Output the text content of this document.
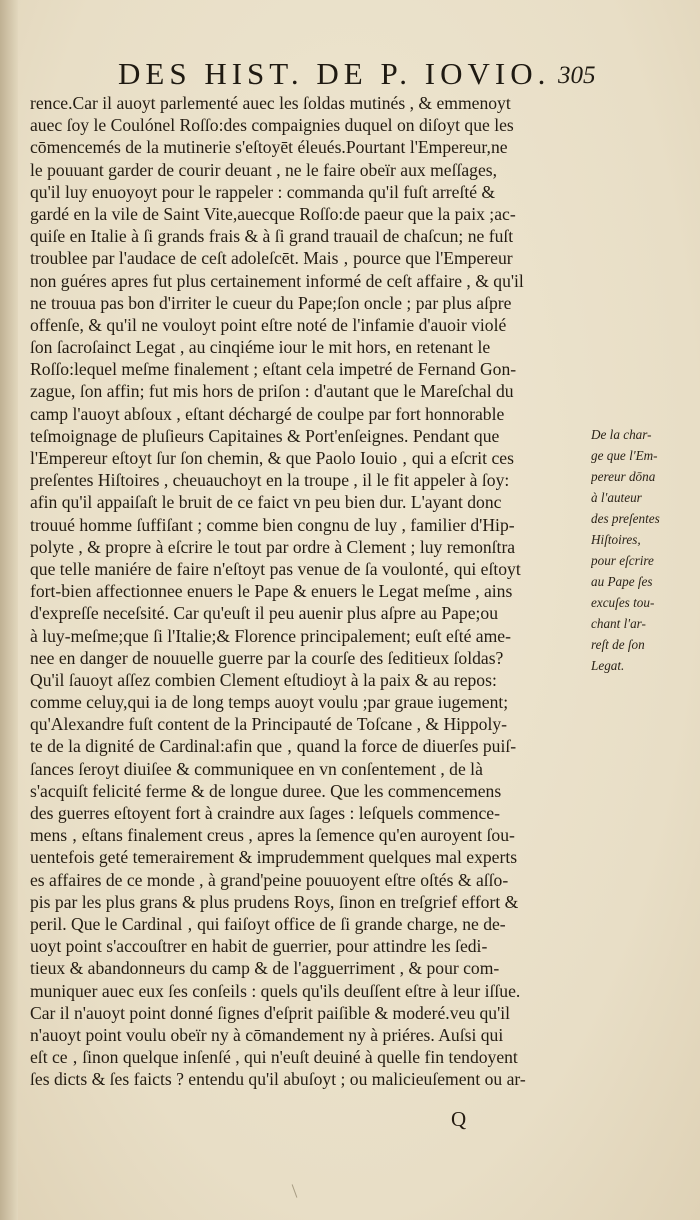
DES HIST. DE P. IOVIO. 305
rence.Car il auoyt parlementé auec les ſoldas mutinés , & emmenoyt
auec ſoy le Coulónel Roſſo:des compaignies duquel on diſoyt que les
cōmencemés de la mutinerie s'eſtoyēt éleués.Pourtant l'Empereur,ne
le pouuant garder de courir deuant , ne le faire obeïr aux meſſages,
qu'il luy enuoyoyt pour le rappeler : commanda qu'il fuſt arreſté &
gardé en la vile de Saint Vite,auecque Roſſo:de paeur que la paix ;ac-
quiſe en Italie à ſi grands frais & à ſi grand trauail de chaſcun; ne fuſt
troublee par l'audace de ceſt adoleſcēt. Mais ‚ pource que l'Empereur
non guéres apres fut plus certainement informé de ceſt affaire , & qu'il
ne trouua pas bon d'irriter le cueur du Pape;ſon oncle ; par plus aſpre
offenſe, & qu'il ne vouloyt point eſtre noté de l'infamie d'auoir violé
ſon ſacroſainct Legat , au cinqiéme iour le mit hors, en retenant le
Roſſo:lequel meſme finalement ; eſtant cela impetré de Fernand Gon-
zague, ſon affin; fut mis hors de priſon : d'autant que le Mareſchal du
camp l'auoyt abſoux , eſtant déchargé de coulpe par fort honnorable
teſmoignage de pluſieurs Capitaines & Port'enſeignes. Pendant que
l'Empereur eſtoyt ſur ſon chemin, & que Paolo Iouio ‚ qui a eſcrit ces
preſentes Hiſtoires , cheuauchoyt en la troupe , il le fit appeler à ſoy:
afin qu'il appaiſaſt le bruit de ce faict vn peu bien dur. L'ayant donc
trouué homme ſuffiſant ; comme bien congnu de luy , familier d'Hip-
polyte , & propre à eſcrire le tout par ordre à Clement ; luy remonſtra
que telle maniére de faire n'eſtoyt pas venue de ſa voulonté‚ qui eſtoyt
fort-bien affectionnee enuers le Pape & enuers le Legat meſme , ains
d'expreſſe neceſsité. Car qu'euſt il peu auenir plus aſpre au Pape;ou
à luy-meſme;que ſi l'Italie;& Florence principalement; euſt eſté ame-
nee en danger de nouuelle guerre par la courſe des ſeditieux ſoldas?
Qu'il ſauoyt aſſez combien Clement eſtudioyt à la paix & au repos:
comme celuy,qui ia de long temps auoyt voulu ;par graue iugement;
qu'Alexandre fuſt content de la Principauté de Toſcane , & Hippoly-
te de la dignité de Cardinal:afin que ‚ quand la force de diuerſes puiſ-
ſances ſeroyt diuiſee & communiquee en vn conſentement , de là
s'acquiſt felicité ferme & de longue duree. Que les commencemens
des guerres eſtoyent fort à craindre aux ſages : leſquels commence-
mens ‚ eſtans finalement creus , apres la ſemence qu'en auroyent ſou-
uentefois geté temerairement & imprudemment quelques mal experts
es affaires de ce monde , à grand'peine pouuoyent eſtre oſtés & aſſo-
pis par les plus grans & plus prudens Roys, ſinon en treſgrief effort &
peril. Que le Cardinal ‚ qui faiſoyt office de ſi grande charge, ne de-
uoyt point s'accouſtrer en habit de guerrier, pour attindre les ſedi-
tieux & abandonneurs du camp & de l'agguerriment , & pour com-
muniquer auec eux ſes conſeils : quels qu'ils deuſſent eſtre à leur iſſue.
Car il n'auoyt point donné ſignes d'eſprit paiſible & moderé.veu qu'il
n'auoyt point voulu obeïr ny à cōmandement ny à priéres. Auſsi qui
eſt ce ‚ ſinon quelque inſenſé , qui n'euſt deuiné à quelle fin tendoyent
ſes dicts & ſes faicts ? entendu qu'il abuſoyt ; ou malicieuſement ou ar-
De la char-
ge que l'Em-
pereur dōna
à l'auteur
des preſentes
Hiſtoires,
pour eſcrire
au Pape ſes
excuſes tou-
chant l'ar-
reſt de ſon
Legat.
Q
